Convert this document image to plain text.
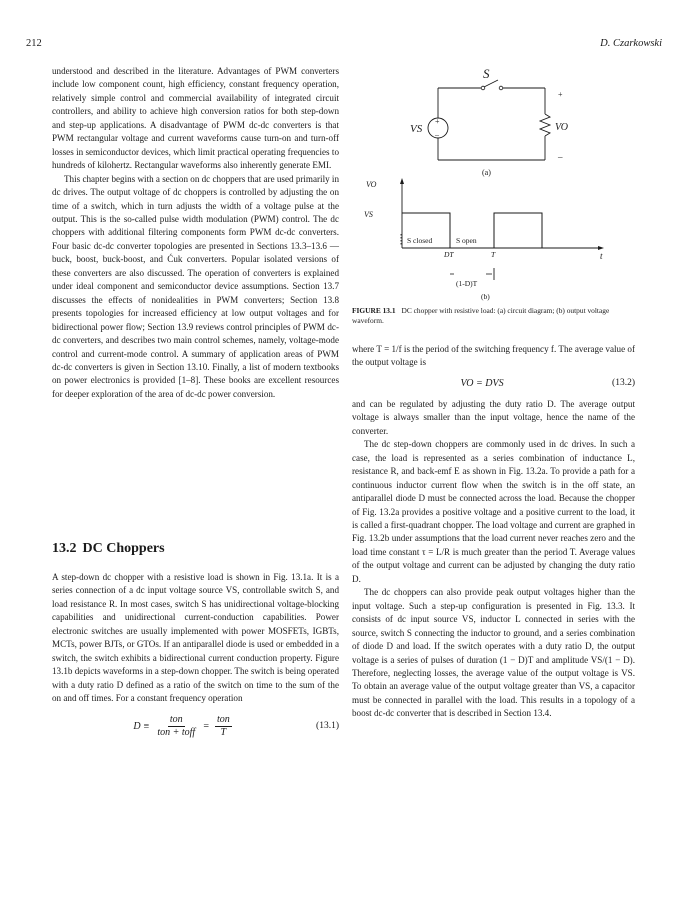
212	D. Czarkowski

understood and described in the literature. Advantages of PWM converters include low component count, high efficiency, constant frequency operation, relatively simple control and commercial availability of integrated circuit controllers, and ability to achieve high conversion ratios for both step-down and step-up applications. A disadvantage of PWM dc-dc converters is that PWM rectangular voltage and current waveforms cause turn-on and turn-off losses in semiconductor devices, which limit practical operating frequencies to hundreds of kilohertz. Rectangular waveforms also inherently generate EMI.

This chapter begins with a section on dc choppers that are used primarily in dc drives. The output voltage of dc choppers is controlled by adjusting the on time of a switch, which in turn adjusts the width of a voltage pulse at the output. This is the so-called pulse width modulation (PWM) control. The dc choppers with additional filtering components form PWM dc-dc converters. Four basic dc-dc converter topologies are presented in Sections 13.3–13.6 — buck, boost, buck-boost, and Ćuk converters. Popular isolated versions of these converters are also discussed. The operation of converters is explained under ideal component and semiconductor device assumptions. Section 13.7 discusses the effects of nonidealities in PWM converters; Section 13.8 presents topologies for increased efficiency at low output voltages and for bidirectional power flow; Section 13.9 reviews control principles of PWM dc-dc converters, and describes two main control schemes, namely, voltage-mode control and current-mode control. A summary of application areas of PWM dc-dc converters is given in Section 13.10. Finally, a list of modern textbooks on power electronics is provided [1–8]. These books are excellent resources for deeper exploration of the area of dc-dc power conversion.

13.2 DC Choppers

A step-down dc chopper with a resistive load is shown in Fig. 13.1a. It is a series connection of a dc input voltage source VS, controllable switch S, and load resistance R. In most cases, switch S has unidirectional voltage-blocking capabilities and unidirectional current-conduction capabilities. Power electronic switches are usually implemented with power MOSFETs, IGBTs, MCTs, power BJTs, or GTOs. If an antiparallel diode is used or embedded in a switch, the switch exhibits a bidirectional current conduction property. Figure 13.1b depicts waveforms in a step-down chopper. The switch is being operated with a duty ratio D defined as a ratio of the switch on time to the sum of the on and off times. For a constant frequency operation

$D \equiv \frac{\text{ton}}{\text{ton + toff}} = \frac{\text{ton}}{T}$	(13.1)
S
+
–
VS
+
VO
–
(a)
VO
t
VS
S closed	S open
DT	T
(1-D)T
(b)
FIGURE 13.1 DC chopper with resistive load: (a) circuit diagram; (b) output voltage waveform.

where T = 1/f is the period of the switching frequency f. The average value of the output voltage is

VO = DVS	(13.2)

and can be regulated by adjusting the duty ratio D. The average output voltage is always smaller than the input voltage, hence the name of the converter.

The dc step-down choppers are commonly used in dc drives. In such a case, the load is represented as a series combination of inductance L, resistance R, and back-emf E as shown in Fig. 13.2a. To provide a path for a continuous inductor current flow when the switch is in the off state, an antiparallel diode D must be connected across the load. Because the chopper of Fig. 13.2a provides a positive voltage and a positive current to the load, it is called a first-quadrant chopper. The load voltage and current are graphed in Fig. 13.2b under assumptions that the load current never reaches zero and the load time constant τ = L/R is much greater than the period T. Average values of the output voltage and current can be adjusted by changing the duty ratio D.

The dc choppers can also provide peak output voltages higher than the input voltage. Such a step-up configuration is presented in Fig. 13.3. It consists of dc input source VS, inductor L connected in series with the source, switch S connecting the inductor to ground, and a series combination of diode D and load. If the switch operates with a duty ratio D, the output voltage is a series of pulses of duration (1 − D)T and amplitude VS/(1 − D). Therefore, neglecting losses, the average value of the output voltage is VS. To obtain an average value of the output voltage greater than VS, a capacitor must be connected in parallel with the load. This results in a topology of a boost dc-dc converter that is described in Section 13.4.
